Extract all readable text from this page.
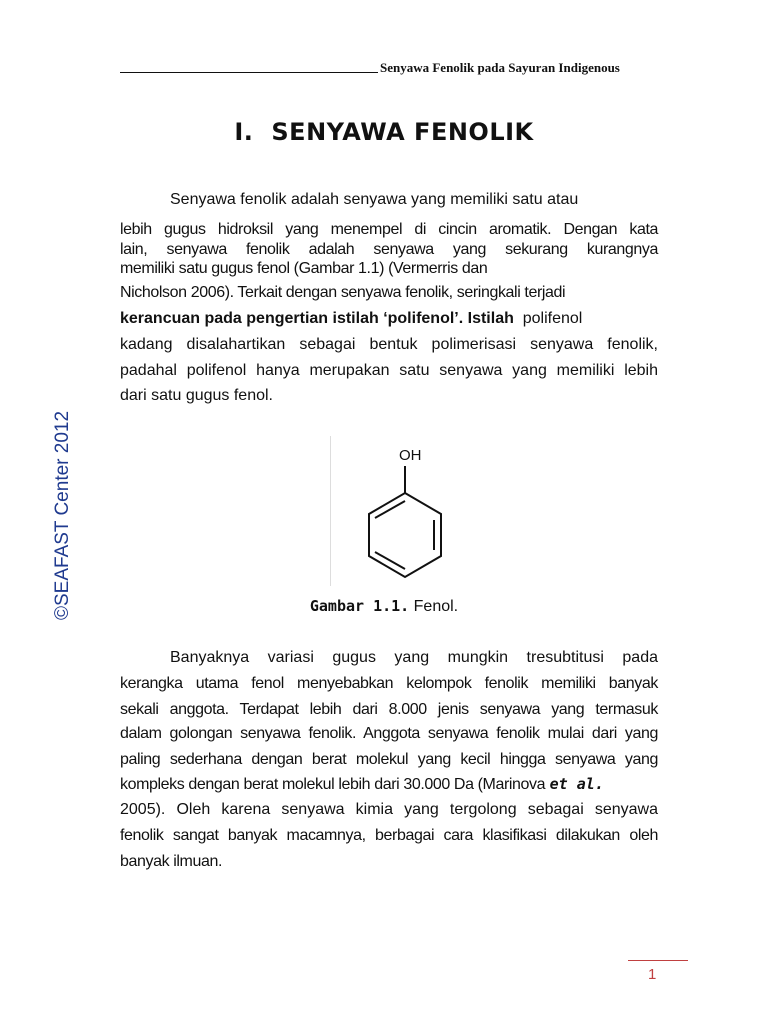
Senyawa Fenolik pada Sayuran Indigenous
I. SENYAWA FENOLIK
©SEAFAST Center 2012
Senyawa fenolik adalah senyawa yang memiliki satu atau
lebih gugus hidroksil yang menempel di cincin aromatik. Dengan kata
lain, senyawa fenolik adalah senyawa yang sekurang kurangnya
memiliki satu gugus fenol (Gambar 1.1) (Vermerris dan
Nicholson 2006). Terkait dengan senyawa fenolik, seringkali terjadi
kerancuan pada pengertian istilah ‘polifenol’. Istilah polifenol
kadang disalahartikan sebagai bentuk polimerisasi senyawa fenolik,
padahal polifenol hanya merupakan satu senyawa yang memiliki lebih
dari satu gugus fenol.
OH
Gambar 1.1. Fenol.
Banyaknya variasi gugus yang mungkin tresubtitusi pada
kerangka utama fenol menyebabkan kelompok fenolik memiliki banyak
sekali anggota. Terdapat lebih dari 8.000 jenis senyawa yang termasuk
dalam golongan senyawa fenolik. Anggota senyawa fenolik mulai dari yang
paling sederhana dengan berat molekul yang kecil hingga senyawa yang
kompleks dengan berat molekul lebih dari 30.000 Da (Marinova et al.
2005). Oleh karena senyawa kimia yang tergolong sebagai senyawa
fenolik sangat banyak macamnya, berbagai cara klasifikasi dilakukan oleh
banyak ilmuan.
1
